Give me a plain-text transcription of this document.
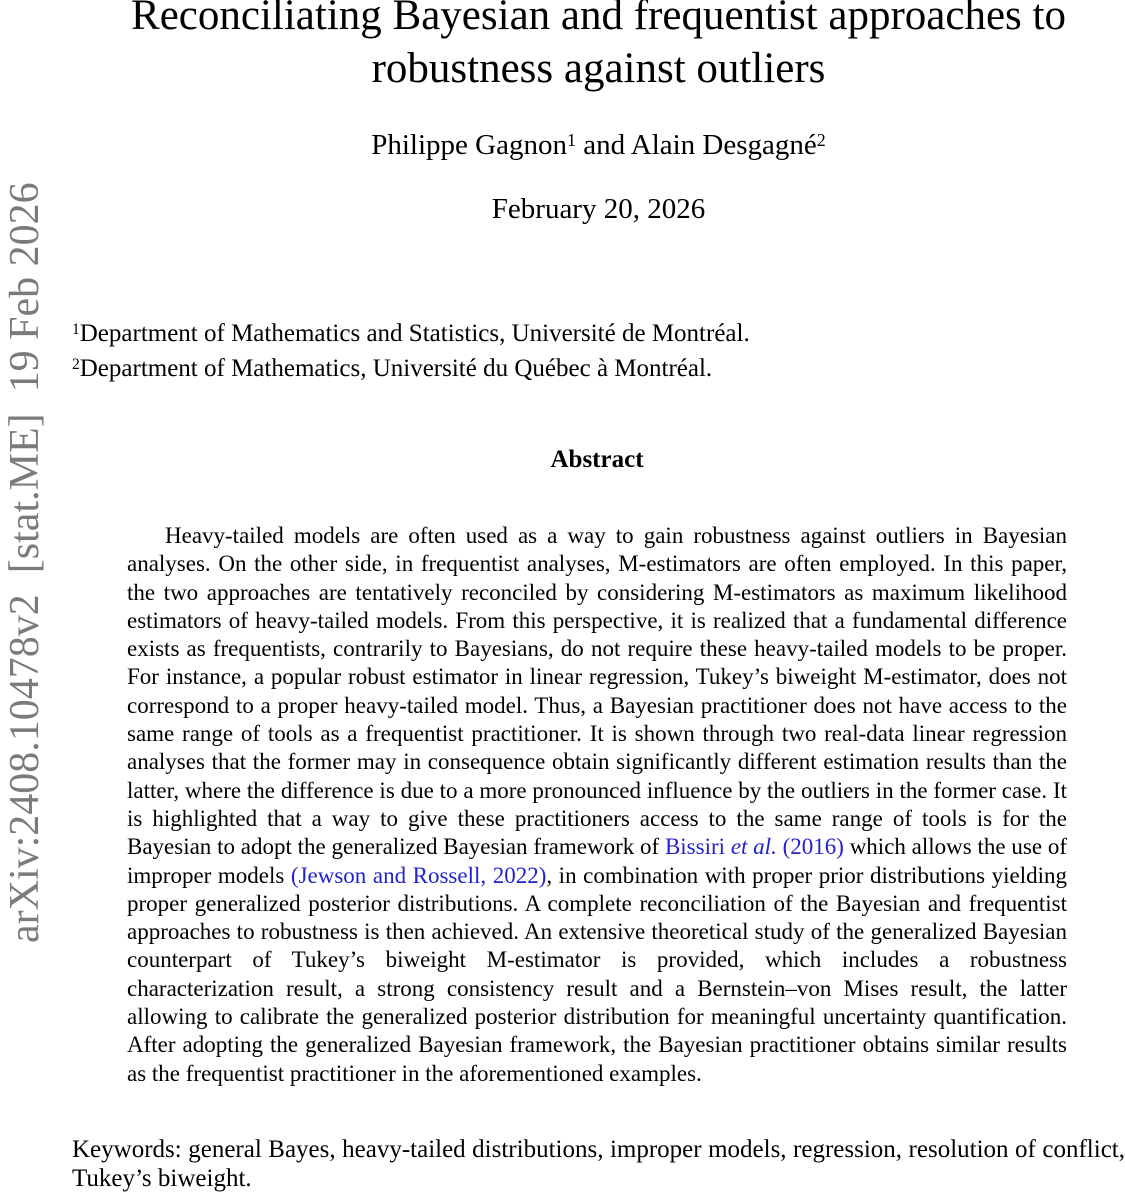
arXiv:2408.10478v2  [stat.ME]  19 Feb 2026
Reconciliating Bayesian and frequentist approaches to
robustness against outliers
Philippe Gagnon$^1$ and Alain Desgagné$^2$
February 20, 2026
$^1$Department of Mathematics and Statistics, Université de Montréal.
$^2$Department of Mathematics, Université du Québec à Montréal.
Abstract

Heavy-tailed models are often used as a way to gain robustness against outliers in Bayesian analyses. On the other side, in frequentist analyses, M-estimators are often employed. In this paper, the two approaches are tentatively reconciled by considering M-estimators as maximum likelihood estimators of heavy-tailed models. From this perspective, it is realized that a fundamental difference exists as frequentists, contrarily to Bayesians, do not require these heavy-tailed models to be proper. For instance, a popular robust estimator in linear regression, Tukey’s biweight M-estimator, does not correspond to a proper heavy-tailed model. Thus, a Bayesian practitioner does not have access to the same range of tools as a frequentist practitioner. It is shown through two real-data linear regression analyses that the former may in consequence obtain significantly different estimation results than the latter, where the difference is due to a more pronounced influence by the outliers in the former case. It is highlighted that a way to give these practitioners access to the same range of tools is for the Bayesian to adopt the generalized Bayesian framework of Bissiri et al. (2016) which allows the use of improper models (Jewson and Rossell, 2022), in combination with proper prior distributions yielding proper generalized posterior distributions. A complete reconciliation of the Bayesian and frequentist approaches to robustness is then achieved. An extensive theoretical study of the generalized Bayesian counterpart of Tukey’s biweight M-estimator is provided, which includes a robustness characterization result, a strong consistency result and a Bernstein–von Mises result, the latter allowing to calibrate the generalized posterior distribution for meaningful uncertainty quantification. After adopting the generalized Bayesian framework, the Bayesian practitioner obtains similar results as the frequentist practitioner in the aforementioned examples.

Keywords: general Bayes, heavy-tailed distributions, improper models, regression, resolution of conflict, Tukey’s biweight.
